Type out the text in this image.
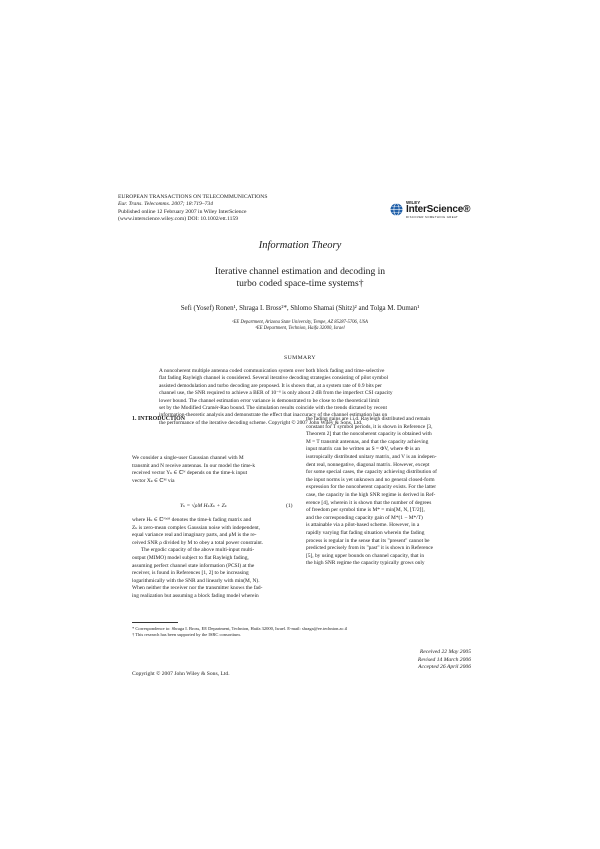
EUROPEAN TRANSACTIONS ON TELECOMMUNICATIONS
Eur. Trans. Telecomms. 2007; 18:719–734
Published online 12 February 2007 in Wiley InterScience
(www.interscience.wiley.com) DOI: 10.1002/ett.1159
WILEY
InterScience®
DISCOVER SOMETHING GREAT
Information Theory
Iterative channel estimation and decoding in
turbo coded space-time systems†
Sefi (Yosef) Ronen¹, Shraga I. Bross²*, Shlomo Shamai (Shitz)² and Tolga M. Duman¹
¹EE Department, Arizona State University, Tempe, AZ 85287-5706, USA
²EE Department, Technion, Haifa 32000, Israel
SUMMARY
A noncoherent multiple antenna coded communication system over both block fading and time-selective
flat fading Rayleigh channel is considered. Several iterative decoding strategies consisting of pilot symbol
assisted demodulation and turbo decoding are proposed. It is shown that, at a system rate of 0.9 bits per
channel use, the SNR required to achieve a BER of 10⁻⁶ is only about 2 dB from the imperfect CSI capacity
lower bound. The channel estimation error variance is demonstrated to be close to the theoretical limit
set by the Modified Cramér-Rao bound. The simulation results coincide with the trends dictated by recent
information-theoretic analysis and demonstrate the effect that inaccuracy of the channel estimation has on
the performance of the iterative decoding scheme. Copyright © 2007 John Wiley & Sons, Ltd.
1. INTRODUCTION
We consider a single-user Gaussian channel with M
transmit and N receive antennas. In our model the time-k
received vector Yₖ ∈ ℂᴺ depends on the time-k input
vector Xₖ ∈ ℂᴹ via
Yₖ = √ρM HₖXₖ + Zₖ	(1)
where Hₖ ∈ ℂᴺˣᴹ denotes the time-k fading matrix and
Zₖ is zero-mean complex Gaussian noise with independent,
equal variance real and imaginary parts, and ρM is the re-
ceived SNR ρ divided by M to obey a total power constraint.
The ergodic capacity of the above multi-input multi-
output (MIMO) model subject to flat Rayleigh fading,
assuming perfect channel state information (PCSI) at the
receiver, is found in References [1, 2] to be increasing
logarithmically with the SNR and linearly with min(M, N).
When neither the receiver nor the transmitter knows the fad-
ing realization but assuming a block fading model wherein
the fading gains are i.i.d. Rayleigh distributed and remain
constant for T symbol periods, it is shown in Reference [3,
Theorem 2] that the noncoherent capacity is obtained with
M = T transmit antennas, and that the capacity achieving
input matrix can be written as S = ΦV, where Φ is an
isotropically distributed unitary matrix, and V is an indepen-
dent real, nonnegative, diagonal matrix. However, except
for some special cases, the capacity achieving distribution of
the input norms is yet unknown and no general closed-form
expression for the noncoherent capacity exists. For the latter
case, the capacity in the high SNR regime is derived in Ref-
erence [4], wherein it is shown that the number of degrees
of freedom per symbol time is M* = min[M, N, ⌊T/2⌋],
and the corresponding capacity gain of M*(1 − M*/T)
is attainable via a pilot-based scheme. However, in a
rapidly varying flat fading situation wherein the fading
process is regular in the sense that its "present" cannot be
predicted precisely from its "past" it is shown in Reference
[5], by using upper bounds on channel capacity, that in
the high SNR regime the capacity typically grows only
* Correspondence to: Shraga I. Bross, EE Department, Technion, Haifa 32000, Israel. E-mail: shraga@ee.technion.ac.il
† This research has been supported by the ISRC consortium.
Received 22 May 2005
Revised 14 March 2006
Accepted 26 April 2006
Copyright © 2007 John Wiley & Sons, Ltd.
